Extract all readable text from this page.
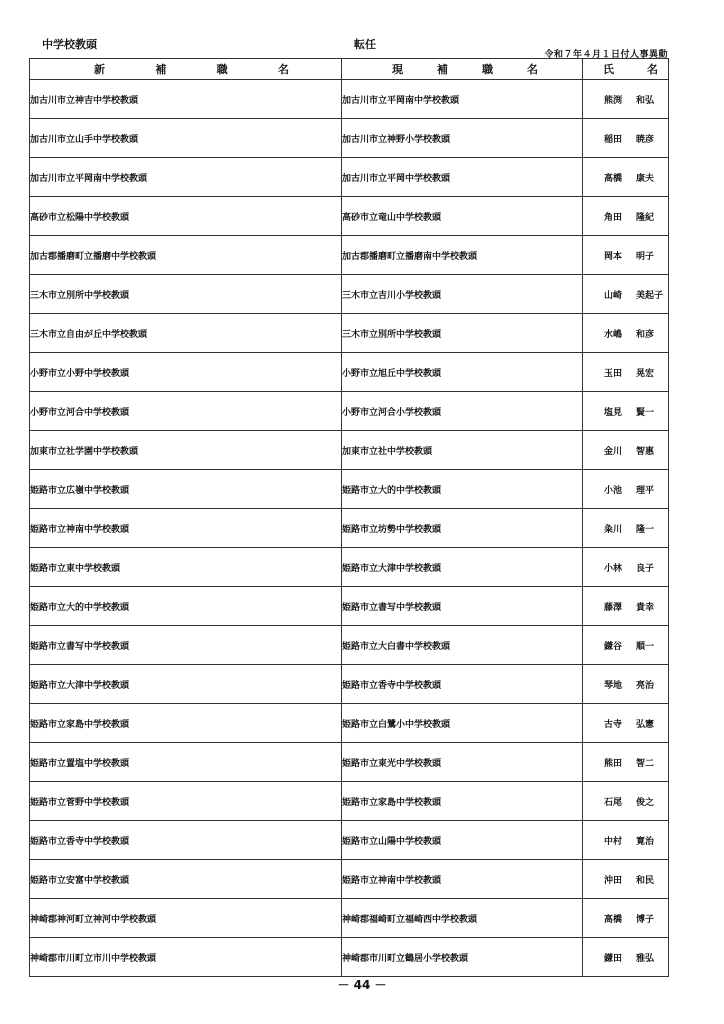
中学校教頭	転任
令和７年４月１日付人事異動
新 補 職 名	現 補 職 名	氏 名

加古川市立神吉中学校教頭	加古川市立平岡南中学校教頭	熊渕 和弘

加古川市立山手中学校教頭	加古川市立神野小学校教頭	稲田 暁彦

加古川市立平岡南中学校教頭	加古川市立平岡中学校教頭	高橋 康夫

高砂市立松陽中学校教頭	高砂市立竜山中学校教頭	角田 隆紀

加古郡播磨町立播磨中学校教頭	加古郡播磨町立播磨南中学校教頭	岡本 明子

三木市立別所中学校教頭	三木市立吉川小学校教頭	山崎 美起子

三木市立自由が丘中学校教頭	三木市立別所中学校教頭	水嶋 和彦

小野市立小野中学校教頭	小野市立旭丘中学校教頭	玉田 晃宏

小野市立河合中学校教頭	小野市立河合小学校教頭	塩見 賢一

加東市立社学園中学校教頭	加東市立社中学校教頭	金川 智惠

姫路市立広嶺中学校教頭	姫路市立大的中学校教頭	小池 理平

姫路市立神南中学校教頭	姫路市立坊勢中学校教頭	粂川 隆一

姫路市立東中学校教頭	姫路市立大津中学校教頭	小林 良子

姫路市立大的中学校教頭	姫路市立書写中学校教頭	藤澤 貴幸

姫路市立書写中学校教頭	姫路市立大白書中学校教頭	鎌谷 順一

姫路市立大津中学校教頭	姫路市立香寺中学校教頭	琴地 亮治

姫路市立家島中学校教頭	姫路市立白鷺小中学校教頭	古寺 弘憲

姫路市立置塩中学校教頭	姫路市立東光中学校教頭	熊田 智二

姫路市立菅野中学校教頭	姫路市立家島中学校教頭	石尾 俊之

姫路市立香寺中学校教頭	姫路市立山陽中学校教頭	中村 寛治

姫路市立安富中学校教頭	姫路市立神南中学校教頭	沖田 和民

神崎郡神河町立神河中学校教頭	神崎郡福崎町立福崎西中学校教頭	高橋 博子

神崎郡市川町立市川中学校教頭	神崎郡市川町立鶴居小学校教頭	鎌田 雅弘
－ 44 －
